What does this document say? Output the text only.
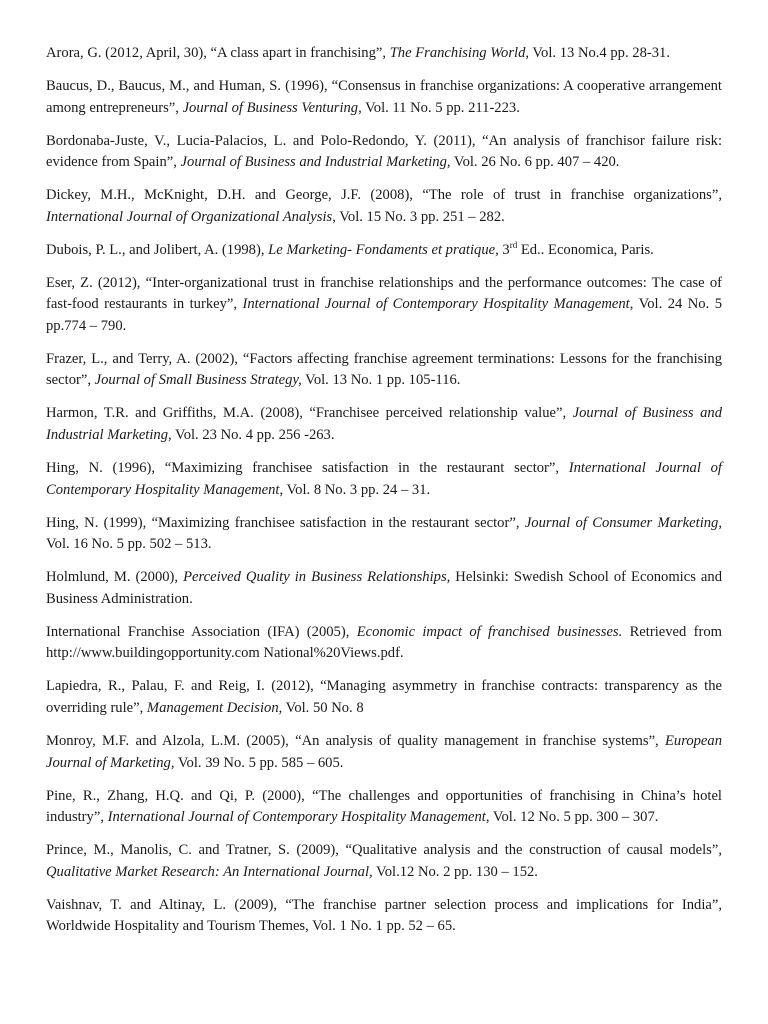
Arora, G. (2012, April, 30), “A class apart in franchising”, The Franchising World, Vol. 13 No.4 pp. 28-31.

Baucus, D., Baucus, M., and Human, S. (1996), “Consensus in franchise organizations: A cooperative arrangement among entrepreneurs”, Journal of Business Venturing, Vol. 11 No. 5 pp. 211-223.

Bordonaba-Juste, V., Lucia-Palacios, L. and Polo-Redondo, Y. (2011), “An analysis of franchisor failure risk: evidence from Spain”, Journal of Business and Industrial Marketing, Vol. 26 No. 6 pp. 407 – 420.

Dickey, M.H., McKnight, D.H. and George, J.F. (2008), “The role of trust in franchise organizations”, International Journal of Organizational Analysis, Vol. 15 No. 3 pp. 251 – 282.

Dubois, P. L., and Jolibert, A. (1998), Le Marketing- Fondaments et pratique, 3rd Ed.. Economica, Paris.

Eser, Z. (2012), “Inter-organizational trust in franchise relationships and the performance outcomes: The case of fast-food restaurants in turkey”, International Journal of Contemporary Hospitality Management, Vol. 24 No. 5 pp.774 – 790.

Frazer, L., and Terry, A. (2002), “Factors affecting franchise agreement terminations: Lessons for the franchising sector”, Journal of Small Business Strategy, Vol. 13 No. 1 pp. 105-116.

Harmon, T.R. and Griffiths, M.A. (2008), “Franchisee perceived relationship value”, Journal of Business and Industrial Marketing, Vol. 23 No. 4 pp. 256 -263.

Hing, N. (1996), “Maximizing franchisee satisfaction in the restaurant sector”, International Journal of Contemporary Hospitality Management, Vol. 8 No. 3 pp. 24 – 31.

Hing, N. (1999), “Maximizing franchisee satisfaction in the restaurant sector”, Journal of Consumer Marketing, Vol. 16 No. 5 pp. 502 – 513.

Holmlund, M. (2000), Perceived Quality in Business Relationships, Helsinki: Swedish School of Economics and Business Administration.

International Franchise Association (IFA) (2005), Economic impact of franchised businesses. Retrieved from http://www.buildingopportunity.com National%20Views.pdf.

Lapiedra, R., Palau, F. and Reig, I. (2012), “Managing asymmetry in franchise contracts: transparency as the overriding rule”, Management Decision, Vol. 50 No. 8

Monroy, M.F. and Alzola, L.M. (2005), “An analysis of quality management in franchise systems”, European Journal of Marketing, Vol. 39 No. 5 pp. 585 – 605.

Pine, R., Zhang, H.Q. and Qi, P. (2000), “The challenges and opportunities of franchising in China’s hotel industry”, International Journal of Contemporary Hospitality Management, Vol. 12 No. 5 pp. 300 – 307.

Prince, M., Manolis, C. and Tratner, S. (2009), “Qualitative analysis and the construction of causal models”, Qualitative Market Research: An International Journal, Vol.12 No. 2 pp. 130 – 152.

Vaishnav, T. and Altinay, L. (2009), “The franchise partner selection process and implications for India”, Worldwide Hospitality and Tourism Themes, Vol. 1 No. 1 pp. 52 – 65.
